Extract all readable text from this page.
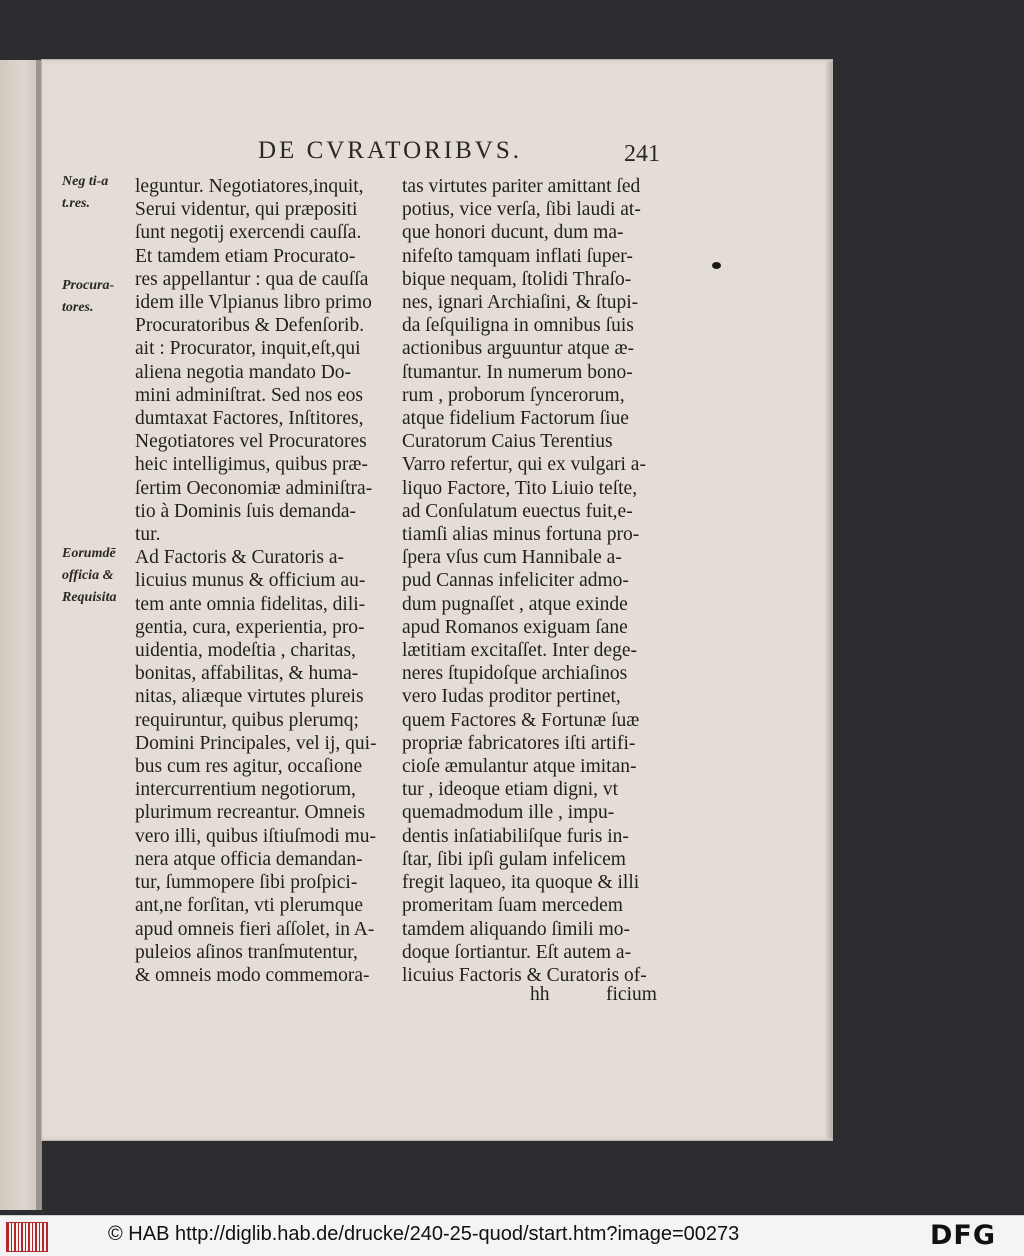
DE CVRATORIBVS.	241
Neg ti-a
t.res.
Procura-
tores.
Eorumdē
officia &
Requisita
leguntur. Negotiatores,inquit,
Serui videntur, qui præpositi
ſunt negotij exercendi cauſſa.
Et tamdem etiam Procurato-
res appellantur : qua de cauſſa
idem ille Vlpianus libro primo
Procuratoribus & Defenſorib.
ait : Procurator, inquit,eſt,qui
aliena negotia mandato Do-
mini adminiſtrat. Sed nos eos
dumtaxat Factores, Inſtitores,
Negotiatores vel Procuratores
heic intelligimus, quibus præ-
ſertim Oeconomiæ adminiſtra-
tio à Dominis ſuis demanda-
tur.
Ad Factoris & Curatoris a-
licuius munus & officium au-
tem ante omnia fidelitas, dili-
gentia, cura, experientia, pro-
uidentia, modeſtia , charitas,
bonitas, affabilitas, & huma-
nitas, aliæque virtutes plureis
requiruntur, quibus plerumq;
Domini Principales, vel ij, qui-
bus cum res agitur, occaſione
intercurrentium negotiorum,
plurimum recreantur. Omneis
vero illi, quibus iſtiuſmodi mu-
nera atque officia demandan-
tur, ſummopere ſibi proſpici-
ant,ne forſitan, vti plerumque
apud omneis fieri aſſolet, in A-
puleios aſinos tranſmutentur,
& omneis modo commemora-
tas virtutes pariter amittant ſed
potius, vice verſa, ſibi laudi at-
que honori ducunt, dum ma-
nifeſto tamquam inflati ſuper-
bique nequam, ſtolidi Thraſo-
nes, ignari Archiaſini, & ſtupi-
da ſeſquiligna in omnibus ſuis
actionibus arguuntur atque æ-
ſtumantur. In numerum bono-
rum , proborum ſyncerorum,
atque fidelium Factorum ſiue
Curatorum Caius Terentius
Varro refertur, qui ex vulgari a-
liquo Factore, Tito Liuio teſte,
ad Conſulatum euectus fuit,e-
tiamſi alias minus fortuna pro-
ſpera vſus cum Hannibale a-
pud Cannas infeliciter admo-
dum pugnaſſet , atque exinde
apud Romanos exiguam ſane
lætitiam excitaſſet. Inter dege-
neres ſtupidoſque archiaſinos
vero Iudas proditor pertinet,
quem Factores & Fortunæ ſuæ
propriæ fabricatores iſti artifi-
cioſe æmulantur atque imitan-
tur , ideoque etiam digni, vt
quemadmodum ille , impu-
dentis inſatiabiliſque furis in-
ſtar, ſibi ipſi gulam infelicem
fregit laqueo, ita quoque & illi
promeritam ſuam mercedem
tamdem aliquando ſimili mo-
doque ſortiantur. Eſt autem a-
licuius Factoris & Curatoris of-
hh	ficium
© HAB http://diglib.hab.de/drucke/240-25-quod/start.htm?image=00273	DFG
